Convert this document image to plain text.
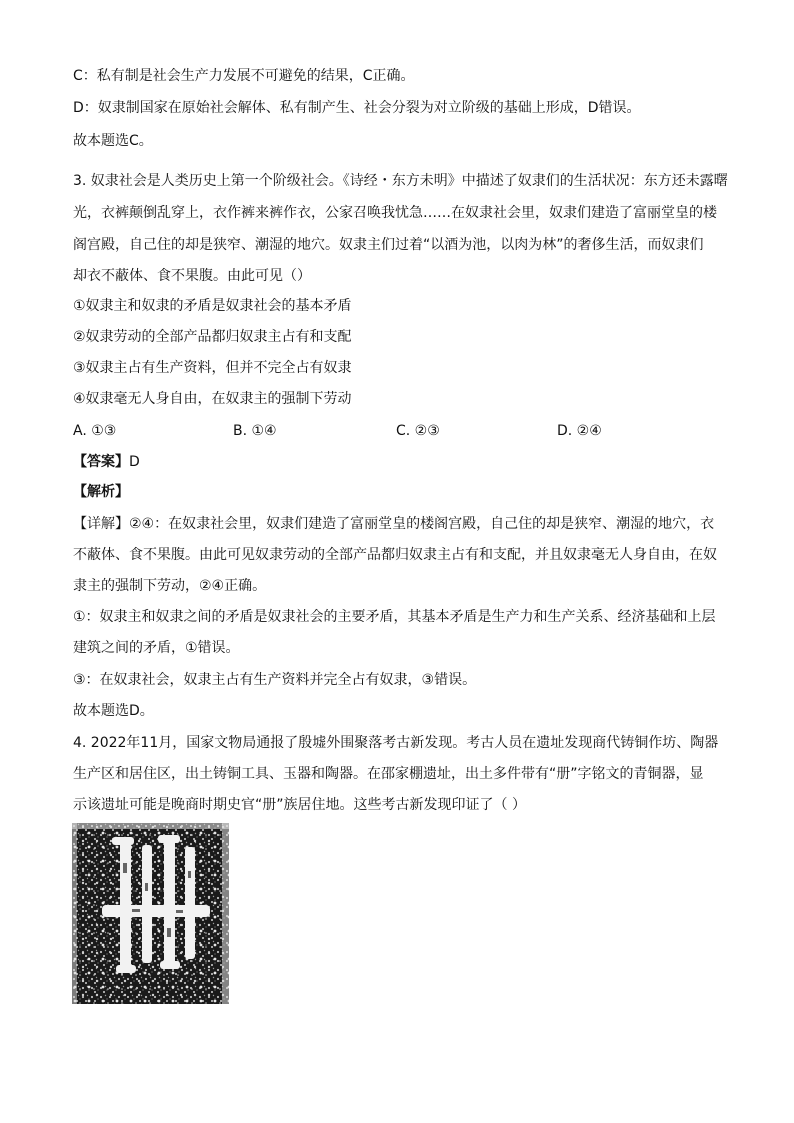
C：私有制是社会生产力发展不可避免的结果，C正确。
D：奴隶制国家在原始社会解体、私有制产生、社会分裂为对立阶级的基础上形成，D错误。
故本题选C。
3. 奴隶社会是人类历史上第一个阶级社会。《诗经・东方未明》中描述了奴隶们的生活状况：东方还未露曙
光，衣裤颠倒乱穿上，衣作裤来裤作衣，公家召唤我忧急……在奴隶社会里，奴隶们建造了富丽堂皇的楼
阁宫殿，自己住的却是狭窄、潮湿的地穴。奴隶主们过着“以酒为池，以肉为林”的奢侈生活，而奴隶们
却衣不蔽体、食不果腹。由此可见（）
①奴隶主和奴隶的矛盾是奴隶社会的基本矛盾
②奴隶劳动的全部产品都归奴隶主占有和支配
③奴隶主占有生产资料，但并不完全占有奴隶
④奴隶毫无人身自由，在奴隶主的强制下劳动
A. ①③	B. ①④	C. ②③	D. ②④
【答案】D
【解析】
【详解】②④：在奴隶社会里，奴隶们建造了富丽堂皇的楼阁宫殿，自己住的却是狭窄、潮湿的地穴，衣
不蔽体、食不果腹。由此可见奴隶劳动的全部产品都归奴隶主占有和支配，并且奴隶毫无人身自由，在奴
隶主的强制下劳动，②④正确。
①：奴隶主和奴隶之间的矛盾是奴隶社会的主要矛盾，其基本矛盾是生产力和生产关系、经济基础和上层
建筑之间的矛盾，①错误。
③：在奴隶社会，奴隶主占有生产资料并完全占有奴隶，③错误。
故本题选D。
4. 2022年11月，国家文物局通报了殷墟外围聚落考古新发现。考古人员在遗址发现商代铸铜作坊、陶器
生产区和居住区，出土铸铜工具、玉器和陶器。在邵家棚遗址，出土多件带有“册”字铭文的青铜器，显
示该遗址可能是晚商时期史官“册”族居住地。这些考古新发现印证了（ ）
